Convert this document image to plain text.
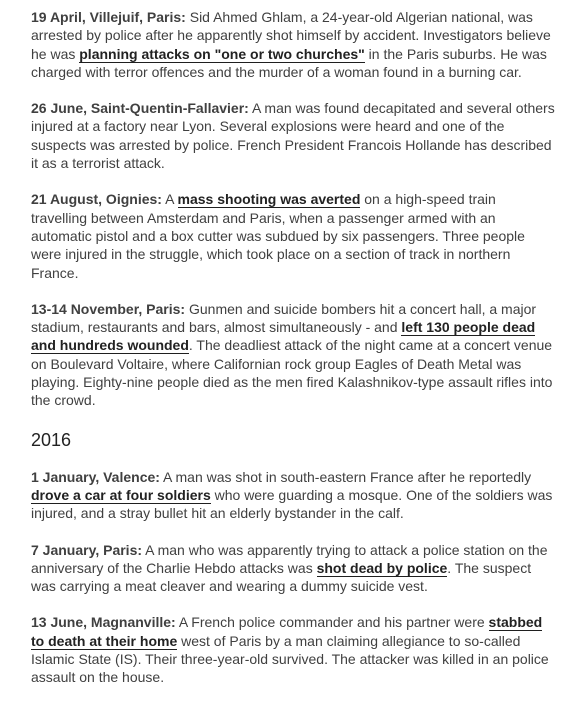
19 April, Villejuif, Paris: Sid Ahmed Ghlam, a 24-year-old Algerian national, was arrested by police after he apparently shot himself by accident. Investigators believe he was planning attacks on "one or two churches" in the Paris suburbs. He was charged with terror offences and the murder of a woman found in a burning car.

26 June, Saint-Quentin-Fallavier: A man was found decapitated and several others injured at a factory near Lyon. Several explosions were heard and one of the suspects was arrested by police. French President Francois Hollande has described it as a terrorist attack.

21 August, Oignies: A mass shooting was averted on a high-speed train travelling between Amsterdam and Paris, when a passenger armed with an automatic pistol and a box cutter was subdued by six passengers. Three people were injured in the struggle, which took place on a section of track in northern France.

13-14 November, Paris: Gunmen and suicide bombers hit a concert hall, a major stadium, restaurants and bars, almost simultaneously - and left 130 people dead and hundreds wounded. The deadliest attack of the night came at a concert venue on Boulevard Voltaire, where Californian rock group Eagles of Death Metal was playing. Eighty-nine people died as the men fired Kalashnikov-type assault rifles into the crowd.

2016

1 January, Valence: A man was shot in south-eastern France after he reportedly drove a car at four soldiers who were guarding a mosque. One of the soldiers was injured, and a stray bullet hit an elderly bystander in the calf.

7 January, Paris: A man who was apparently trying to attack a police station on the anniversary of the Charlie Hebdo attacks was shot dead by police. The suspect was carrying a meat cleaver and wearing a dummy suicide vest.

13 June, Magnanville: A French police commander and his partner were stabbed to death at their home west of Paris by a man claiming allegiance to so-called Islamic State (IS). Their three-year-old survived. The attacker was killed in an police assault on the house.
